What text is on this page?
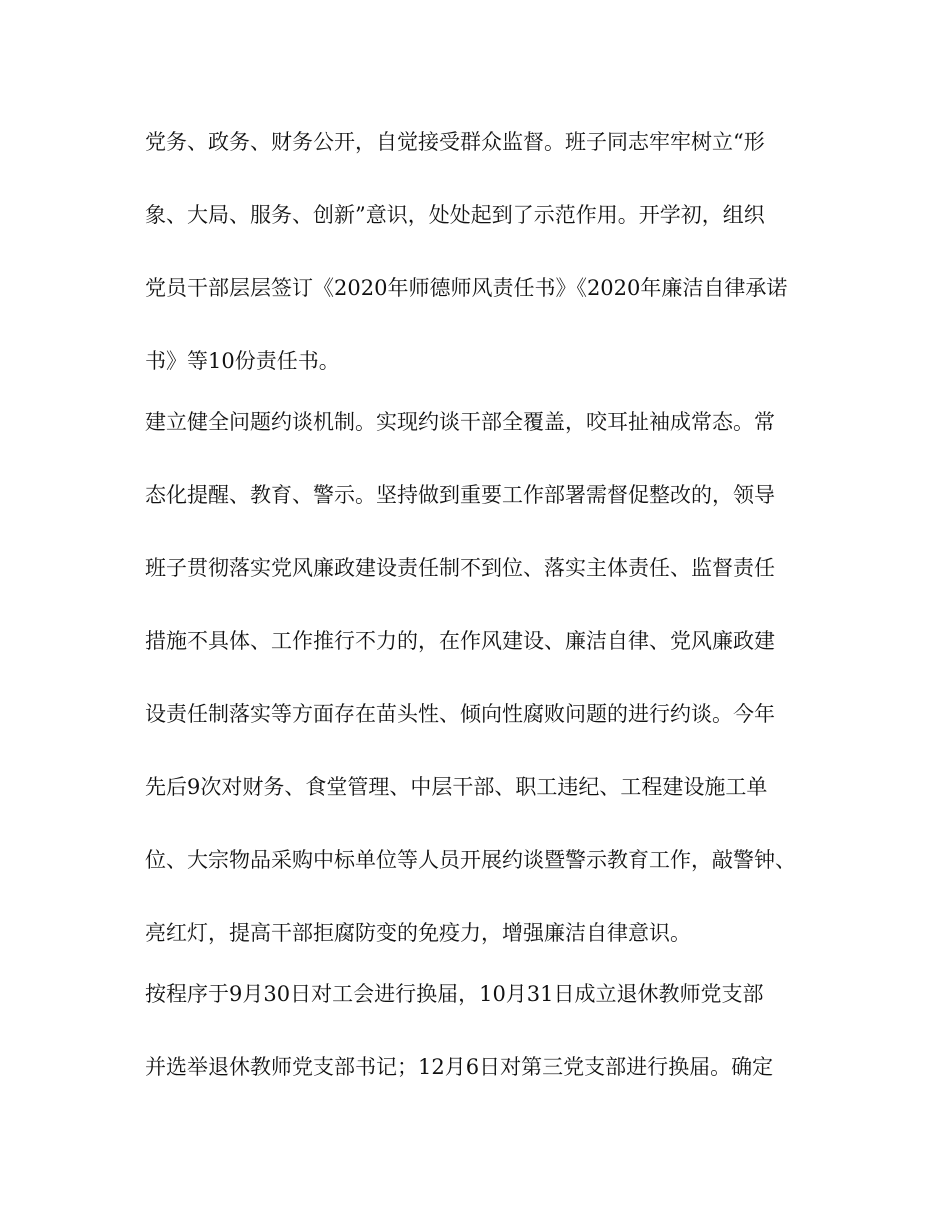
党务、政务、财务公开，自觉接受群众监督。班子同志牢牢树立“形
象、大局、服务、创新”意识，处处起到了示范作用。开学初，组织
党员干部层层签订《2020年师德师风责任书》《2020年廉洁自律承诺
书》等10份责任书。
建立健全问题约谈机制。实现约谈干部全覆盖，咬耳扯袖成常态。常
态化提醒、教育、警示。坚持做到重要工作部署需督促整改的，领导
班子贯彻落实党风廉政建设责任制不到位、落实主体责任、监督责任
措施不具体、工作推行不力的，在作风建设、廉洁自律、党风廉政建
设责任制落实等方面存在苗头性、倾向性腐败问题的进行约谈。今年
先后9次对财务、食堂管理、中层干部、职工违纪、工程建设施工单
位、大宗物品采购中标单位等人员开展约谈暨警示教育工作，敲警钟、
亮红灯，提高干部拒腐防变的免疫力，增强廉洁自律意识。
按程序于9月30日对工会进行换届，10月31日成立退休教师党支部
并选举退休教师党支部书记；12月6日对第三党支部进行换届。确定
